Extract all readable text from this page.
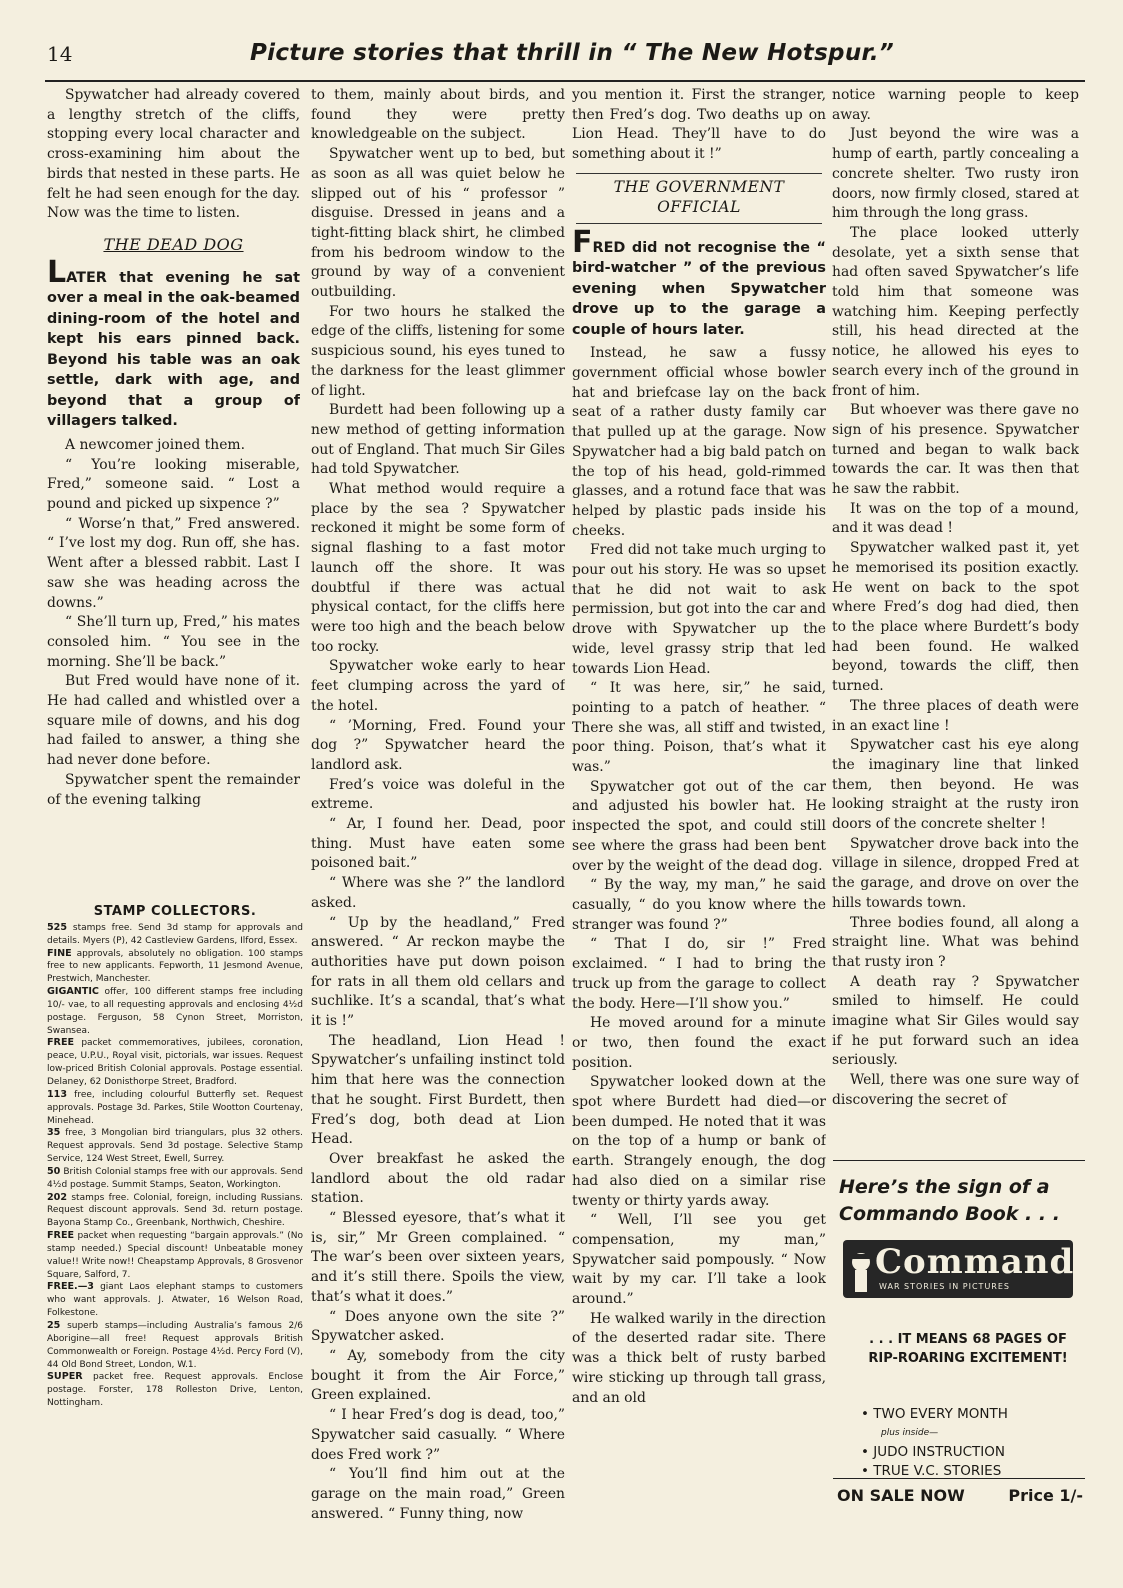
14	Picture stories that thrill in “ The New Hotspur.”

Spywatcher had already covered a lengthy stretch of the cliffs, stopping every local character and cross-examining him about the birds that nested in these parts. He felt he had seen enough for the day. Now was the time to listen.

THE DEAD DOG

LATER that evening he sat over a meal in the oak-beamed dining-room of the hotel and kept his ears pinned back. Beyond his table was an oak settle, dark with age, and beyond that a group of villagers talked.

A newcomer joined them.

“ You’re looking miserable, Fred,” someone said. “ Lost a pound and picked up sixpence ?”

“ Worse’n that,” Fred answered. “ I’ve lost my dog. Run off, she has. Went after a blessed rabbit. Last I saw she was heading across the downs.”

“ She’ll turn up, Fred,” his mates consoled him. “ You see in the morning. She’ll be back.”

But Fred would have none of it. He had called and whistled over a square mile of downs, and his dog had failed to answer, a thing she had never done before.

Spywatcher spent the remainder of the evening talking

STAMP COLLECTORS.

525 stamps free. Send 3d stamp for approvals and details. Myers (P), 42 Castleview Gardens, Ilford, Essex.

FINE approvals, absolutely no obligation. 100 stamps free to new applicants. Fepworth, 11 Jesmond Avenue, Prestwich, Manchester.

GIGANTIC offer, 100 different stamps free including 10/- vae, to all requesting approvals and enclosing 4½d postage. Ferguson, 58 Cynon Street, Morriston, Swansea.

FREE packet commemoratives, jubilees, coronation, peace, U.P.U., Royal visit, pictorials, war issues. Request low-priced British Colonial approvals. Postage essential. Delaney, 62 Donisthorpe Street, Bradford.

113 free, including colourful Butterfly set. Request approvals. Postage 3d. Parkes, Stile Wootton Courtenay, Minehead.

35 free, 3 Mongolian bird triangulars, plus 32 others. Request approvals. Send 3d postage. Selective Stamp Service, 124 West Street, Ewell, Surrey.

50 British Colonial stamps free with our approvals. Send 4½d postage. Summit Stamps, Seaton, Workington.

202 stamps free. Colonial, foreign, including Russians. Request discount approvals. Send 3d. return postage. Bayona Stamp Co., Greenbank, Northwich, Cheshire.

FREE packet when requesting “bargain approvals.” (No stamp needed.) Special discount! Unbeatable money value!! Write now!! Cheapstamp Approvals, 8 Grosvenor Square, Salford, 7.

FREE.—3 giant Laos elephant stamps to customers who want approvals. J. Atwater, 16 Welson Road, Folkestone.

25 superb stamps—including Australia’s famous 2/6 Aborigine—all free! Request approvals British Commonwealth or Foreign. Postage 4½d. Percy Ford (V), 44 Old Bond Street, London, W.1.

SUPER packet free. Request approvals. Enclose postage. Forster, 178 Rolleston Drive, Lenton, Nottingham.

to them, mainly about birds, and found they were pretty knowledgeable on the subject.

Spywatcher went up to bed, but as soon as all was quiet below he slipped out of his “ professor ” disguise. Dressed in jeans and a tight-fitting black shirt, he climbed from his bedroom window to the ground by way of a convenient outbuilding.

For two hours he stalked the edge of the cliffs, listening for some suspicious sound, his eyes tuned to the darkness for the least glimmer of light.

Burdett had been following up a new method of getting information out of England. That much Sir Giles had told Spywatcher.

What method would require a place by the sea ? Spywatcher reckoned it might be some form of signal flashing to a fast motor launch off the shore. It was doubtful if there was actual physical contact, for the cliffs here were too high and the beach below too rocky.

Spywatcher woke early to hear feet clumping across the yard of the hotel.

“ ’Morning, Fred. Found your dog ?” Spywatcher heard the landlord ask.

Fred’s voice was doleful in the extreme.

“ Ar, I found her. Dead, poor thing. Must have eaten some poisoned bait.”

“ Where was she ?” the landlord asked.

“ Up by the headland,” Fred answered. “ Ar reckon maybe the authorities have put down poison for rats in all them old cellars and suchlike. It’s a scandal, that’s what it is !”

The headland, Lion Head ! Spywatcher’s unfailing instinct told him that here was the connection that he sought. First Burdett, then Fred’s dog, both dead at Lion Head.

Over breakfast he asked the landlord about the old radar station.

“ Blessed eyesore, that’s what it is, sir,” Mr Green complained. “ The war’s been over sixteen years, and it’s still there. Spoils the view, that’s what it does.”

“ Does anyone own the site ?” Spywatcher asked.

“ Ay, somebody from the city bought it from the Air Force,” Green explained.

“ I hear Fred’s dog is dead, too,” Spywatcher said casually. “ Where does Fred work ?”

“ You’ll find him out at the garage on the main road,” Green answered. “ Funny thing, now

you mention it. First the stranger, then Fred’s dog. Two deaths up on Lion Head. They’ll have to do something about it !”

THE GOVERNMENT OFFICIAL

FRED did not recognise the “ bird-watcher ” of the previous evening when Spywatcher drove up to the garage a couple of hours later.

Instead, he saw a fussy government official whose bowler hat and briefcase lay on the back seat of a rather dusty family car that pulled up at the garage. Now Spywatcher had a big bald patch on the top of his head, gold-rimmed glasses, and a rotund face that was helped by plastic pads inside his cheeks.

Fred did not take much urging to pour out his story. He was so upset that he did not wait to ask permission, but got into the car and drove with Spywatcher up the wide, level grassy strip that led towards Lion Head.

“ It was here, sir,” he said, pointing to a patch of heather. “ There she was, all stiff and twisted, poor thing. Poison, that’s what it was.”

Spywatcher got out of the car and adjusted his bowler hat. He inspected the spot, and could still see where the grass had been bent over by the weight of the dead dog.

“ By the way, my man,” he said casually, “ do you know where the stranger was found ?”

“ That I do, sir !” Fred exclaimed. “ I had to bring the truck up from the garage to collect the body. Here—I’ll show you.”

He moved around for a minute or two, then found the exact position.

Spywatcher looked down at the spot where Burdett had died—or been dumped. He noted that it was on the top of a hump or bank of earth. Strangely enough, the dog had also died on a similar rise twenty or thirty yards away.

“ Well, I’ll see you get compensation, my man,” Spywatcher said pompously. “ Now wait by my car. I’ll take a look around.”

He walked warily in the direction of the deserted radar site. There was a thick belt of rusty barbed wire sticking up through tall grass, and an old

notice warning people to keep away.

Just beyond the wire was a hump of earth, partly concealing a concrete shelter. Two rusty iron doors, now firmly closed, stared at him through the long grass.

The place looked utterly desolate, yet a sixth sense that had often saved Spywatcher’s life told him that someone was watching him. Keeping perfectly still, his head directed at the notice, he allowed his eyes to search every inch of the ground in front of him.

But whoever was there gave no sign of his presence. Spywatcher turned and began to walk back towards the car. It was then that he saw the rabbit.

It was on the top of a mound, and it was dead !

Spywatcher walked past it, yet he memorised its position exactly. He went on back to the spot where Fred’s dog had died, then to the place where Burdett’s body had been found. He walked beyond, towards the cliff, then turned.

The three places of death were in an exact line !

Spywatcher cast his eye along the imaginary line that linked them, then beyond. He was looking straight at the rusty iron doors of the concrete shelter !

Spywatcher drove back into the village in silence, dropped Fred at the garage, and drove on over the hills towards town.

Three bodies found, all along a straight line. What was behind that rusty iron ?

A death ray ? Spywatcher smiled to himself. He could imagine what Sir Giles would say if he put forward such an idea seriously.

Well, there was one sure way of discovering the secret of

Here’s the sign of a Commando Book . . .
Commando
WAR STORIES IN PICTURES
. . . IT MEANS 68 PAGES OF RIP-ROARING EXCITEMENT!
• TWO EVERY MONTH
plus inside—
• JUDO INSTRUCTION
• TRUE V.C. STORIES
ON SALE NOW	Price 1/-
